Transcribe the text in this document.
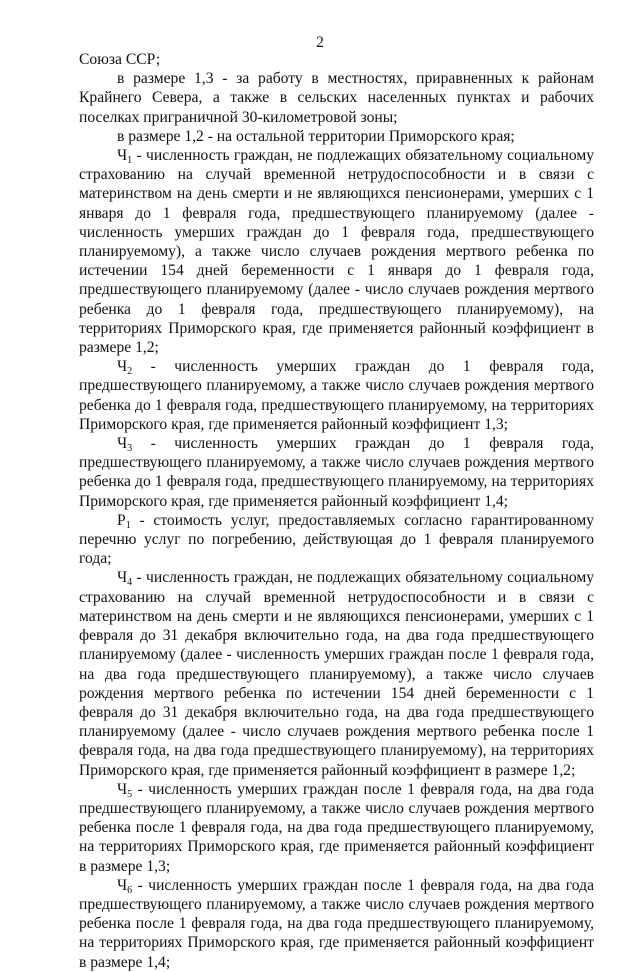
2

Союза ССР;

в размере 1,3 - за работу в местностях, приравненных к районам Крайнего Севера, а также в сельских населенных пунктах и рабочих поселках приграничной 30-километровой зоны;

в размере 1,2 - на остальной территории Приморского края;

$Ч_1$ - численность граждан, не подлежащих обязательному социальному страхованию на случай временной нетрудоспособности и в связи с материнством на день смерти и не являющихся пенсионерами, умерших с 1 января до 1 февраля года, предшествующего планируемому (далее - численность умерших граждан до 1 февраля года, предшествующего планируемому), а также число случаев рождения мертвого ребенка по истечении 154 дней беременности с 1 января до 1 февраля года, предшествующего планируемому (далее - число случаев рождения мертвого ребенка до 1 февраля года, предшествующего планируемому), на территориях Приморского края, где применяется районный коэффициент в размере 1,2;

$Ч_2$ - численность умерших граждан до 1 февраля года, предшествующего планируемому, а также число случаев рождения мертвого ребенка до 1 февраля года, предшествующего планируемому, на территориях Приморского края, где применяется районный коэффициент 1,3;

$Ч_3$ - численность умерших граждан до 1 февраля года, предшествующего планируемому, а также число случаев рождения мертвого ребенка до 1 февраля года, предшествующего планируемому, на территориях Приморского края, где применяется районный коэффициент 1,4;

$Р_1$ - стоимость услуг, предоставляемых согласно гарантированному перечню услуг по погребению, действующая до 1 февраля планируемого года;

$Ч_4$ - численность граждан, не подлежащих обязательному социальному страхованию на случай временной нетрудоспособности и в связи с материнством на день смерти и не являющихся пенсионерами, умерших с 1 февраля до 31 декабря включительно года, на два года предшествующего планируемому (далее - численность умерших граждан после 1 февраля года, на два года предшествующего планируемому), а также число случаев рождения мертвого ребенка по истечении 154 дней беременности с 1 февраля до 31 декабря включительно года, на два года предшествующего планируемому (далее - число случаев рождения мертвого ребенка после 1 февраля года, на два года предшествующего планируемому), на территориях Приморского края, где применяется районный коэффициент в размере 1,2;

$Ч_5$ - численность умерших граждан после 1 февраля года, на два года предшествующего планируемому, а также число случаев рождения мертвого ребенка после 1 февраля года, на два года предшествующего планируемому, на территориях Приморского края, где применяется районный коэффициент в размере 1,3;

$Ч_6$ - численность умерших граждан после 1 февраля года, на два года предшествующего планируемому, а также число случаев рождения мертвого ребенка после 1 февраля года, на два года предшествующего планируемому, на территориях Приморского края, где применяется районный коэффициент в размере 1,4;
